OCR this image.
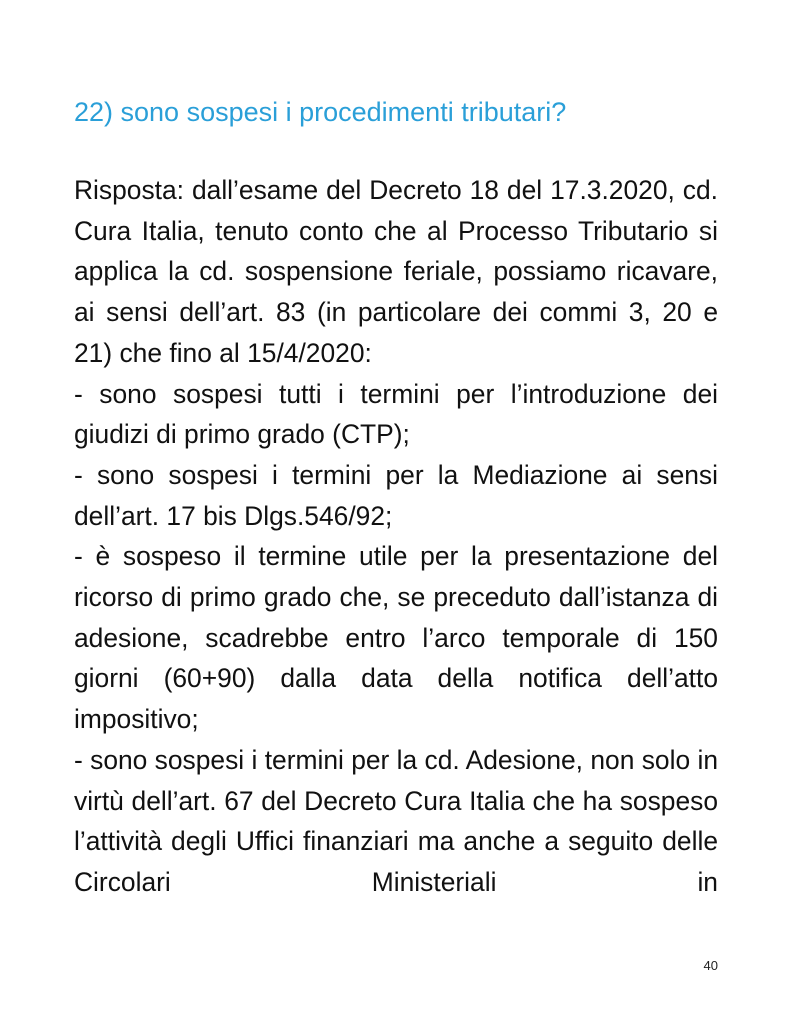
22) sono sospesi i procedimenti tributari?

Risposta: dall’esame del Decreto 18 del 17.3.2020, cd. Cura Italia, tenuto conto che al Processo Tributario si applica la cd. sospensione feriale, possiamo ricavare, ai sensi dell’art. 83 (in particolare dei commi 3, 20 e 21) che fino al 15/4/2020:

- sono sospesi tutti i termini per l’introduzione dei giudizi di primo grado (CTP);

- sono sospesi i termini per la Mediazione ai sensi dell’art. 17 bis Dlgs.546/92;

- è sospeso il termine utile per la presentazione del ricorso di primo grado che, se preceduto dall’istanza di adesione, scadrebbe entro l’arco temporale di 150 giorni (60+90) dalla data della notifica dell’atto impositivo;

- sono sospesi i termini per la cd. Adesione, non solo in virtù dell’art. 67 del Decreto Cura Italia che ha sospeso l’attività degli Uffici finanziari ma anche a seguito delle Circolari Ministeriali in

40
